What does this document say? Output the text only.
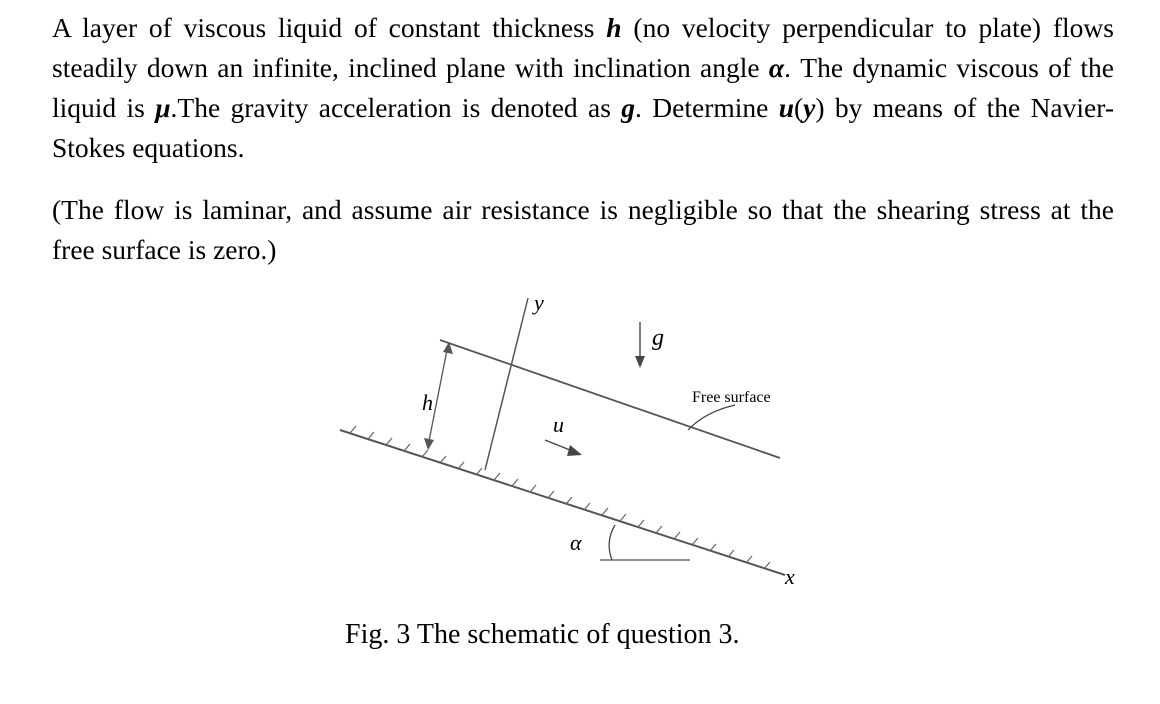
A layer of viscous liquid of constant thickness h (no velocity perpendicular to plate) flows steadily down an infinite, inclined plane with inclination angle α. The dynamic viscous of the liquid is μ.The gravity acceleration is denoted as g. Determine u(y) by means of the Navier-Stokes equations.

(The flow is laminar, and assume air resistance is negligible so that the shearing stress at the free surface is zero.)

y
g
h
u
Free surface
α
x
Fig. 3 The schematic of question 3.
